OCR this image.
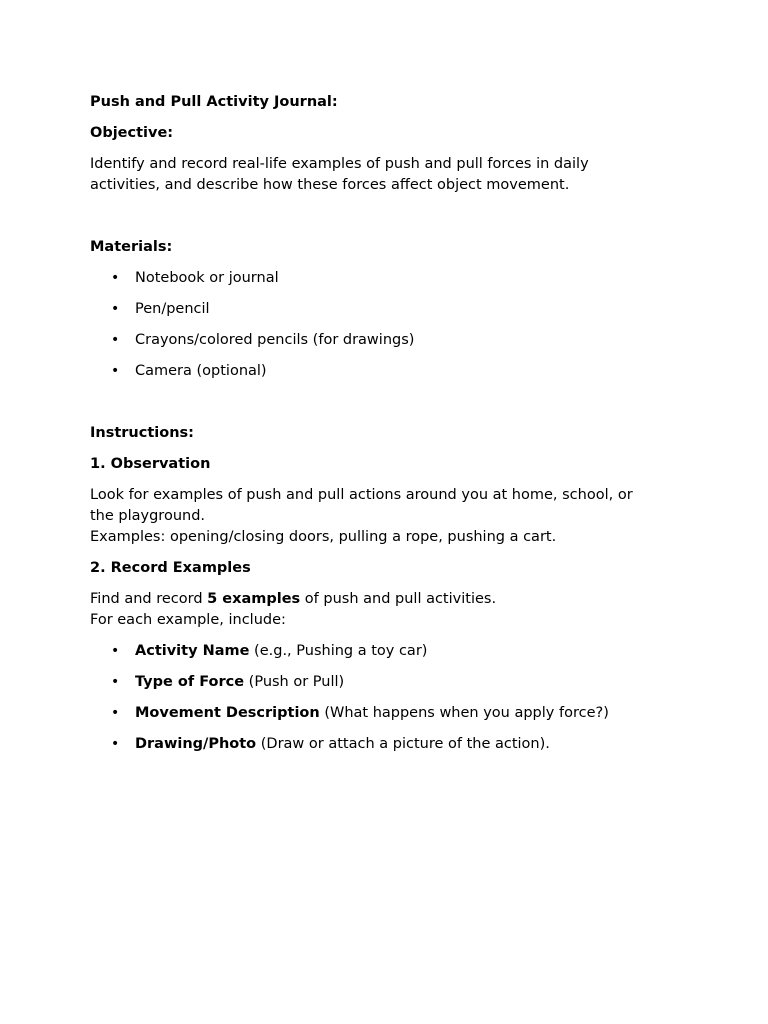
Push and Pull Activity Journal:
Objective:
Identify and record real-life examples of push and pull forces in daily
activities, and describe how these forces affect object movement.
Materials:
• Notebook or journal
• Pen/pencil
• Crayons/colored pencils (for drawings)
• Camera (optional)
Instructions:
1. Observation
Look for examples of push and pull actions around you at home, school, or
the playground.
Examples: opening/closing doors, pulling a rope, pushing a cart.
2. Record Examples
Find and record 5 examples of push and pull activities.
For each example, include:
• Activity Name (e.g., Pushing a toy car)
• Type of Force (Push or Pull)
• Movement Description (What happens when you apply force?)
• Drawing/Photo (Draw or attach a picture of the action).
